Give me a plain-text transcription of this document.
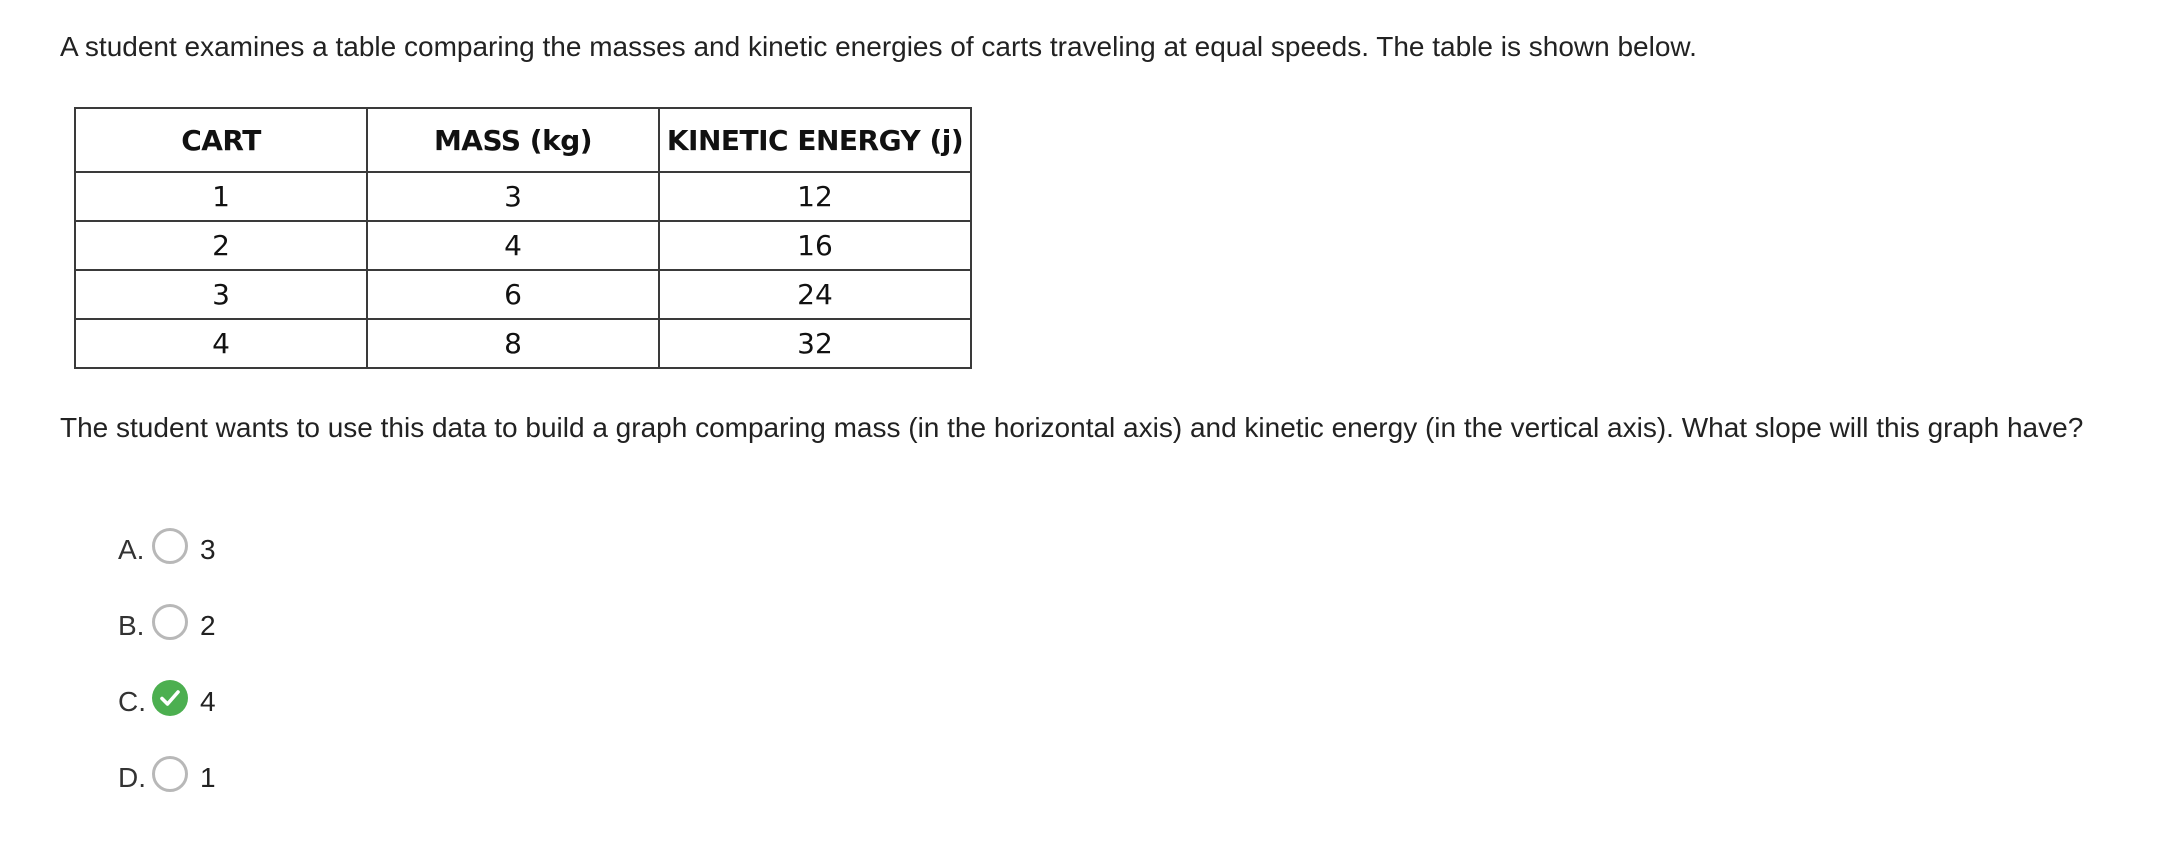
A student examines a table comparing the masses and kinetic energies of carts traveling at equal speeds. The table is shown below.
CART	MASS (kg)	KINETIC ENERGY (j)
1	3	12
2	4	16
3	6	24
4	8	32
The student wants to use this data to build a graph comparing mass (in the horizontal axis) and kinetic energy (in the vertical axis). What slope will this graph have?
A. 3
B. 2
C. 4
D. 1
